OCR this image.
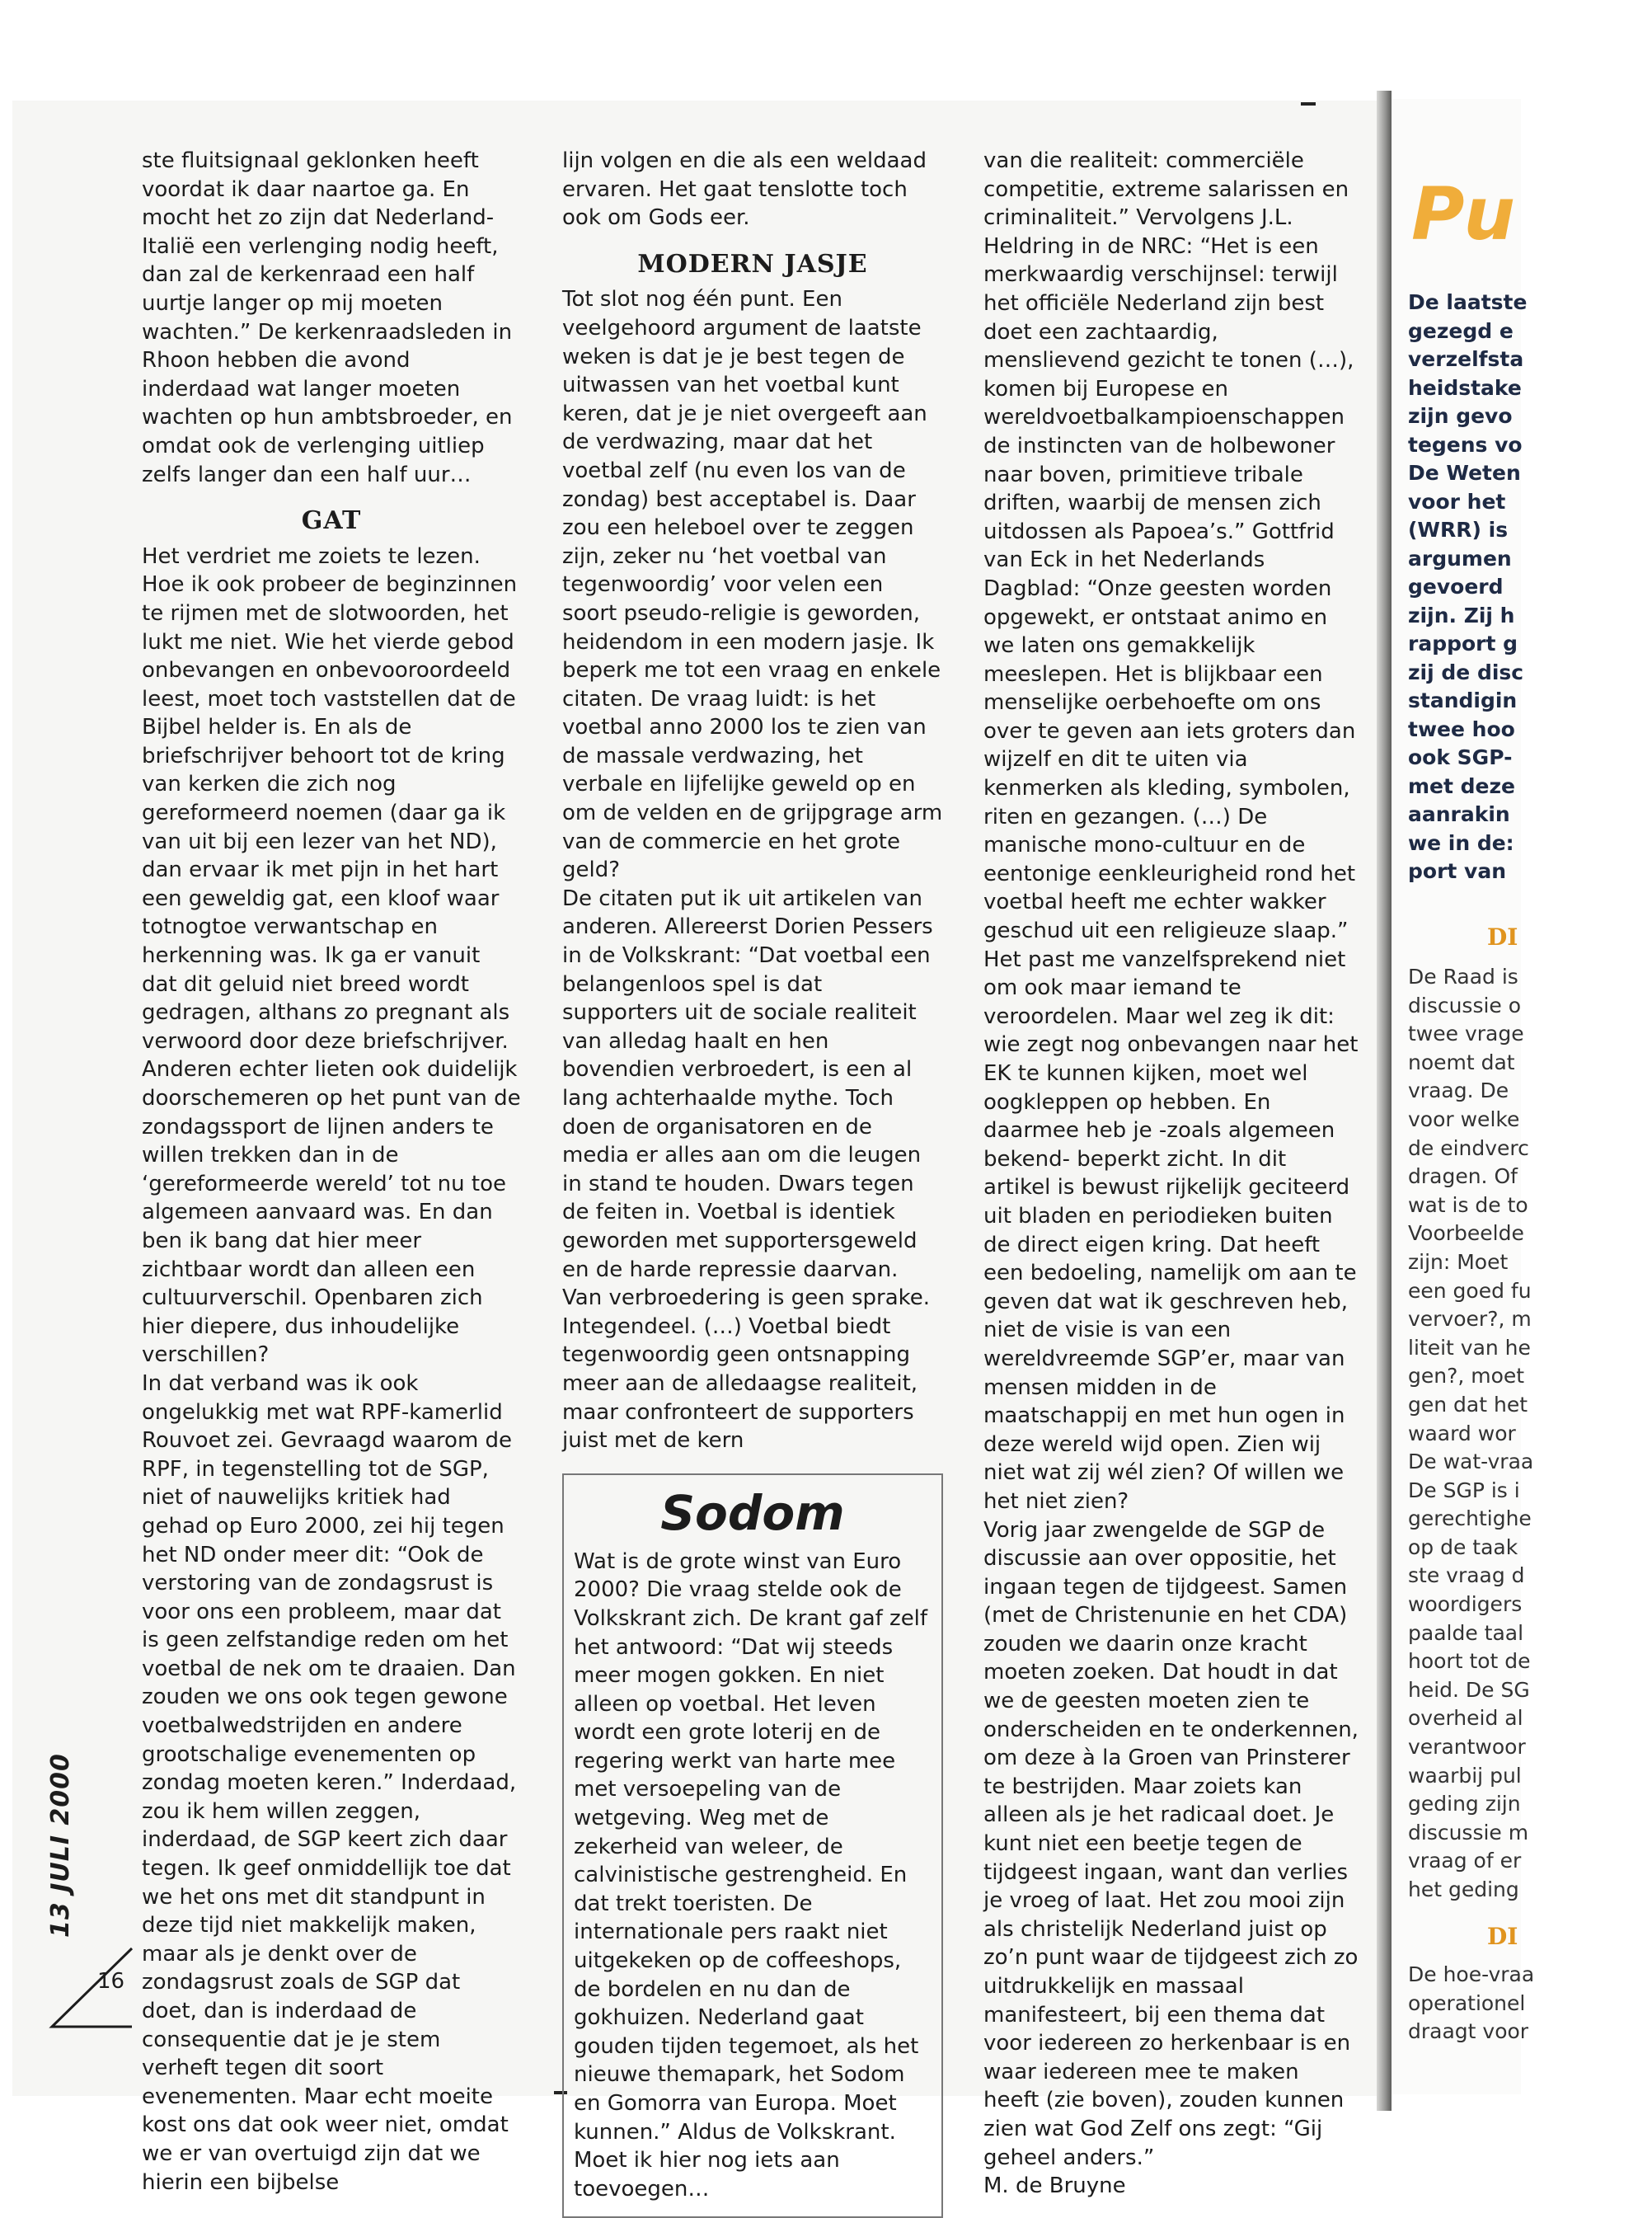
ste fluitsignaal geklonken heeft voordat ik daar naartoe ga. En mocht het zo zijn dat Nederland- Italië een verlenging nodig heeft, dan zal de kerkenraad een half uurtje langer op mij moeten wachten.” De kerkenraadsleden in Rhoon hebben die avond inderdaad wat langer moeten wachten op hun ambtsbroeder, en omdat ook de verlenging uitliep zelfs langer dan een half uur…

GAT

Het verdriet me zoiets te lezen. Hoe ik ook probeer de beginzinnen te rijmen met de slotwoorden, het lukt me niet. Wie het vierde gebod onbevangen en onbevooroordeeld leest, moet toch vaststellen dat de Bijbel helder is. En als de briefschrijver behoort tot de kring van kerken die zich nog gereformeerd noemen (daar ga ik van uit bij een lezer van het ND), dan ervaar ik met pijn in het hart een geweldig gat, een kloof waar totnogtoe verwantschap en herkenning was. Ik ga er vanuit dat dit geluid niet breed wordt gedragen, althans zo pregnant als verwoord door deze briefschrijver. Anderen echter lieten ook duidelijk doorschemeren op het punt van de zondagssport de lijnen anders te willen trekken dan in de ‘gereformeerde wereld’ tot nu toe algemeen aanvaard was. En dan ben ik bang dat hier meer zichtbaar wordt dan alleen een cultuurverschil. Openbaren zich hier diepere, dus inhoudelijke verschillen?

In dat verband was ik ook ongelukkig met wat RPF-kamerlid Rouvoet zei. Gevraagd waarom de RPF, in tegenstelling tot de SGP, niet of nauwelijks kritiek had gehad op Euro 2000, zei hij tegen het ND onder meer dit: “Ook de verstoring van de zondagsrust is voor ons een probleem, maar dat is geen zelfstandige reden om het voetbal de nek om te draaien. Dan zouden we ons ook tegen gewone voetbalwedstrijden en andere grootschalige evenementen op zondag moeten keren.” Inderdaad, zou ik hem willen zeggen, inderdaad, de SGP keert zich daar tegen. Ik geef onmiddellijk toe dat we het ons met dit standpunt in deze tijd niet makkelijk maken, maar als je denkt over de zondagsrust zoals de SGP dat doet, dan is inderdaad de consequentie dat je je stem verheft tegen dit soort evenementen. Maar echt moeite kost ons dat ook weer niet, omdat we er van overtuigd zijn dat we hierin een bijbelse

lijn volgen en die als een weldaad ervaren. Het gaat tenslotte toch ook om Gods eer.

MODERN JASJE

Tot slot nog één punt. Een veelgehoord argument de laatste weken is dat je je best tegen de uitwassen van het voetbal kunt keren, dat je je niet overgeeft aan de verdwazing, maar dat het voetbal zelf (nu even los van de zondag) best acceptabel is. Daar zou een heleboel over te zeggen zijn, zeker nu ‘het voetbal van tegenwoordig’ voor velen een soort pseudo-religie is geworden, heidendom in een modern jasje. Ik beperk me tot een vraag en enkele citaten. De vraag luidt: is het voetbal anno 2000 los te zien van de massale verdwazing, het verbale en lijfelijke geweld op en om de velden en de grijpgrage arm van de commercie en het grote geld?

De citaten put ik uit artikelen van anderen. Allereerst Dorien Pessers in de Volkskrant: “Dat voetbal een belangenloos spel is dat supporters uit de sociale realiteit van alledag haalt en hen bovendien verbroedert, is een al lang achterhaalde mythe. Toch doen de organisatoren en de media er alles aan om die leugen in stand te houden. Dwars tegen de feiten in. Voetbal is identiek geworden met supportersgeweld en de harde repressie daarvan. Van verbroedering is geen sprake. Integendeel. (…) Voetbal biedt tegenwoordig geen ontsnapping meer aan de alledaagse realiteit, maar confronteert de supporters juist met de kern

Sodom

Wat is de grote winst van Euro 2000? Die vraag stelde ook de Volkskrant zich. De krant gaf zelf het antwoord: “Dat wij steeds meer mogen gokken. En niet alleen op voetbal. Het leven wordt een grote loterij en de regering werkt van harte mee met versoepeling van de wetgeving. Weg met de zekerheid van weleer, de calvinistische gestrengheid. En dat trekt toeristen. De internationale pers raakt niet uitgekeken op de coffeeshops, de bordelen en nu dan de gokhuizen. Nederland gaat gouden tijden tegemoet, als het nieuwe themapark, het Sodom en Gomorra van Europa. Moet kunnen.” Aldus de Volkskrant. Moet ik hier nog iets aan toevoegen…

van die realiteit: commerciële competitie, extreme salarissen en criminaliteit.” Vervolgens J.L. Heldring in de NRC: “Het is een merkwaardig verschijnsel: terwijl het officiële Nederland zijn best doet een zachtaardig, menslievend gezicht te tonen (…), komen bij Europese en wereldvoetbalkampioenschappen de instincten van de holbewoner naar boven, primitieve tribale driften, waarbij de mensen zich uitdossen als Papoea’s.” Gottfrid van Eck in het Nederlands Dagblad: “Onze geesten worden opgewekt, er ontstaat animo en we laten ons gemakkelijk meeslepen. Het is blijkbaar een menselijke oerbehoefte om ons over te geven aan iets groters dan wijzelf en dit te uiten via kenmerken als kleding, symbolen, riten en gezangen. (…) De manische mono-cultuur en de eentonige eenkleurigheid rond het voetbal heeft me echter wakker geschud uit een religieuze slaap.” Het past me vanzelfsprekend niet om ook maar iemand te veroordelen. Maar wel zeg ik dit: wie zegt nog onbevangen naar het EK te kunnen kijken, moet wel oogkleppen op hebben. En daarmee heb je -zoals algemeen bekend- beperkt zicht. In dit artikel is bewust rijkelijk geciteerd uit bladen en periodieken buiten de direct eigen kring. Dat heeft een bedoeling, namelijk om aan te geven dat wat ik geschreven heb, niet de visie is van een wereldvreemde SGP’er, maar van mensen midden in de maatschappij en met hun ogen in deze wereld wijd open. Zien wij niet wat zij wél zien? Of willen we het niet zien?

Vorig jaar zwengelde de SGP de discussie aan over oppositie, het ingaan tegen de tijdgeest. Samen (met de Christenunie en het CDA) zouden we daarin onze kracht moeten zoeken. Dat houdt in dat we de geesten moeten zien te onderscheiden en te onderkennen, om deze à la Groen van Prinsterer te bestrijden. Maar zoiets kan alleen als je het radicaal doet. Je kunt niet een beetje tegen de tijdgeest ingaan, want dan verlies je vroeg of laat. Het zou mooi zijn als christelijk Nederland juist op zo’n punt waar de tijdgeest zich zo uitdrukkelijk en massaal manifesteert, bij een thema dat voor iedereen zo herkenbaar is en waar iedereen mee te maken heeft (zie boven), zouden kunnen zien wat God Zelf ons zegt: “Gij geheel anders.”

M. de Bruyne

13 JULI 2000
16
Pu

De laatste

gezegd e

verzelfsta

heidstake

zijn gevo

tegens vo

De Weten

voor het

(WRR) is

argumen

gevoerd

zijn. Zij h

rapport g

zij de disc

standigin

twee hoo

ook SGP-

met deze

aanrakin

we in de:

port van

DI

De Raad is

discussie o

twee vrage

noemt dat

vraag. De

voor welke

de eindverc

dragen. Of

wat is de to

Voorbeelde

zijn: Moet

een goed fu

vervoer?, m

liteit van he

gen?, moet

gen dat het

waard wor

De wat-vraa

De SGP is i

gerechtighe

op de taak

ste vraag d

woordigers

paalde taal

hoort tot de

heid. De SG

overheid al

verantwoor

waarbij pul

geding zijn

discussie m

vraag of er

het geding

DI

De hoe-vraa

operationel

draagt voor
